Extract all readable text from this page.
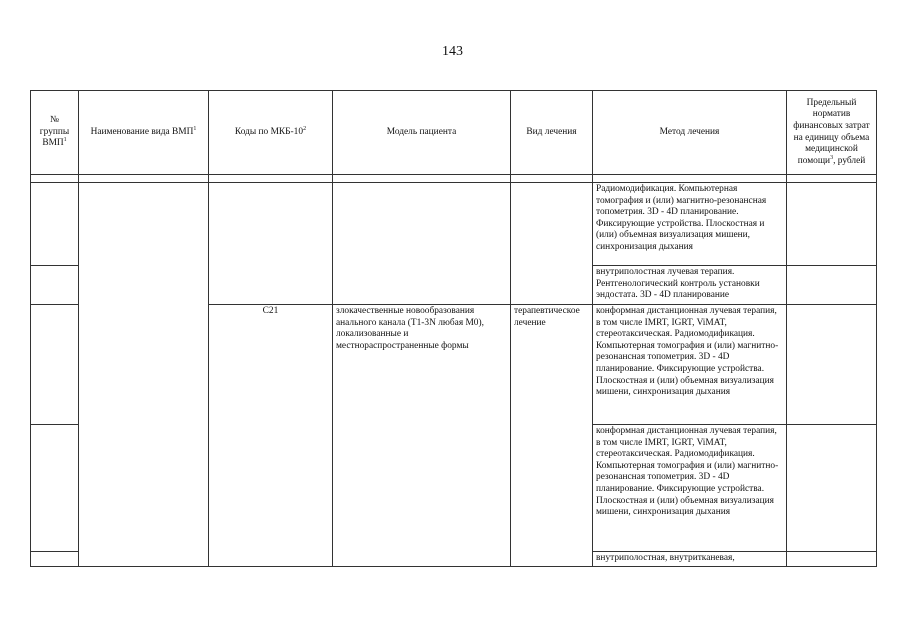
143
№
группы
ВМП$^1$	Наименование вида ВМП$^1$	Коды по МКБ-$10^2$	Модель пациента	Вид лечения	Метод лечения	Предельный норматив финансовых затрат на единицу объема медицинской помощи$^3$, рублей

					Радиомодификация. Компьютерная томография и (или) магнитно-резонансная топометрия. 3D - 4D планирование. Фиксирующие устройства. Плоскостная и (или) объемная визуализация мишени, синхронизация дыхания	
					внутриполостная лучевая терапия. Рентгенологический контроль установки эндостата. 3D - 4D планирование	
		С21	злокачественные новообразования анального канала (T1-3N любая M0), локализованные и местнораспространенные формы	терапевтическое лечение	конформная дистанционная лучевая терапия, в том числе IMRT, IGRT, ViMAT, стереотаксическая. Радиомодификация. Компьютерная томография и (или) магнитно-резонансная топометрия. 3D - 4D планирование. Фиксирующие устройства. Плоскостная и (или) объемная визуализация мишени, синхронизация дыхания	
					конформная дистанционная лучевая терапия, в том числе IMRT, IGRT, ViMAT, стереотаксическая. Радиомодификация. Компьютерная томография и (или) магнитно-резонансная топометрия. 3D - 4D планирование. Фиксирующие устройства. Плоскостная и (или) объемная визуализация мишени, синхронизация дыхания	
					внутриполостная, внутритканевая,	
